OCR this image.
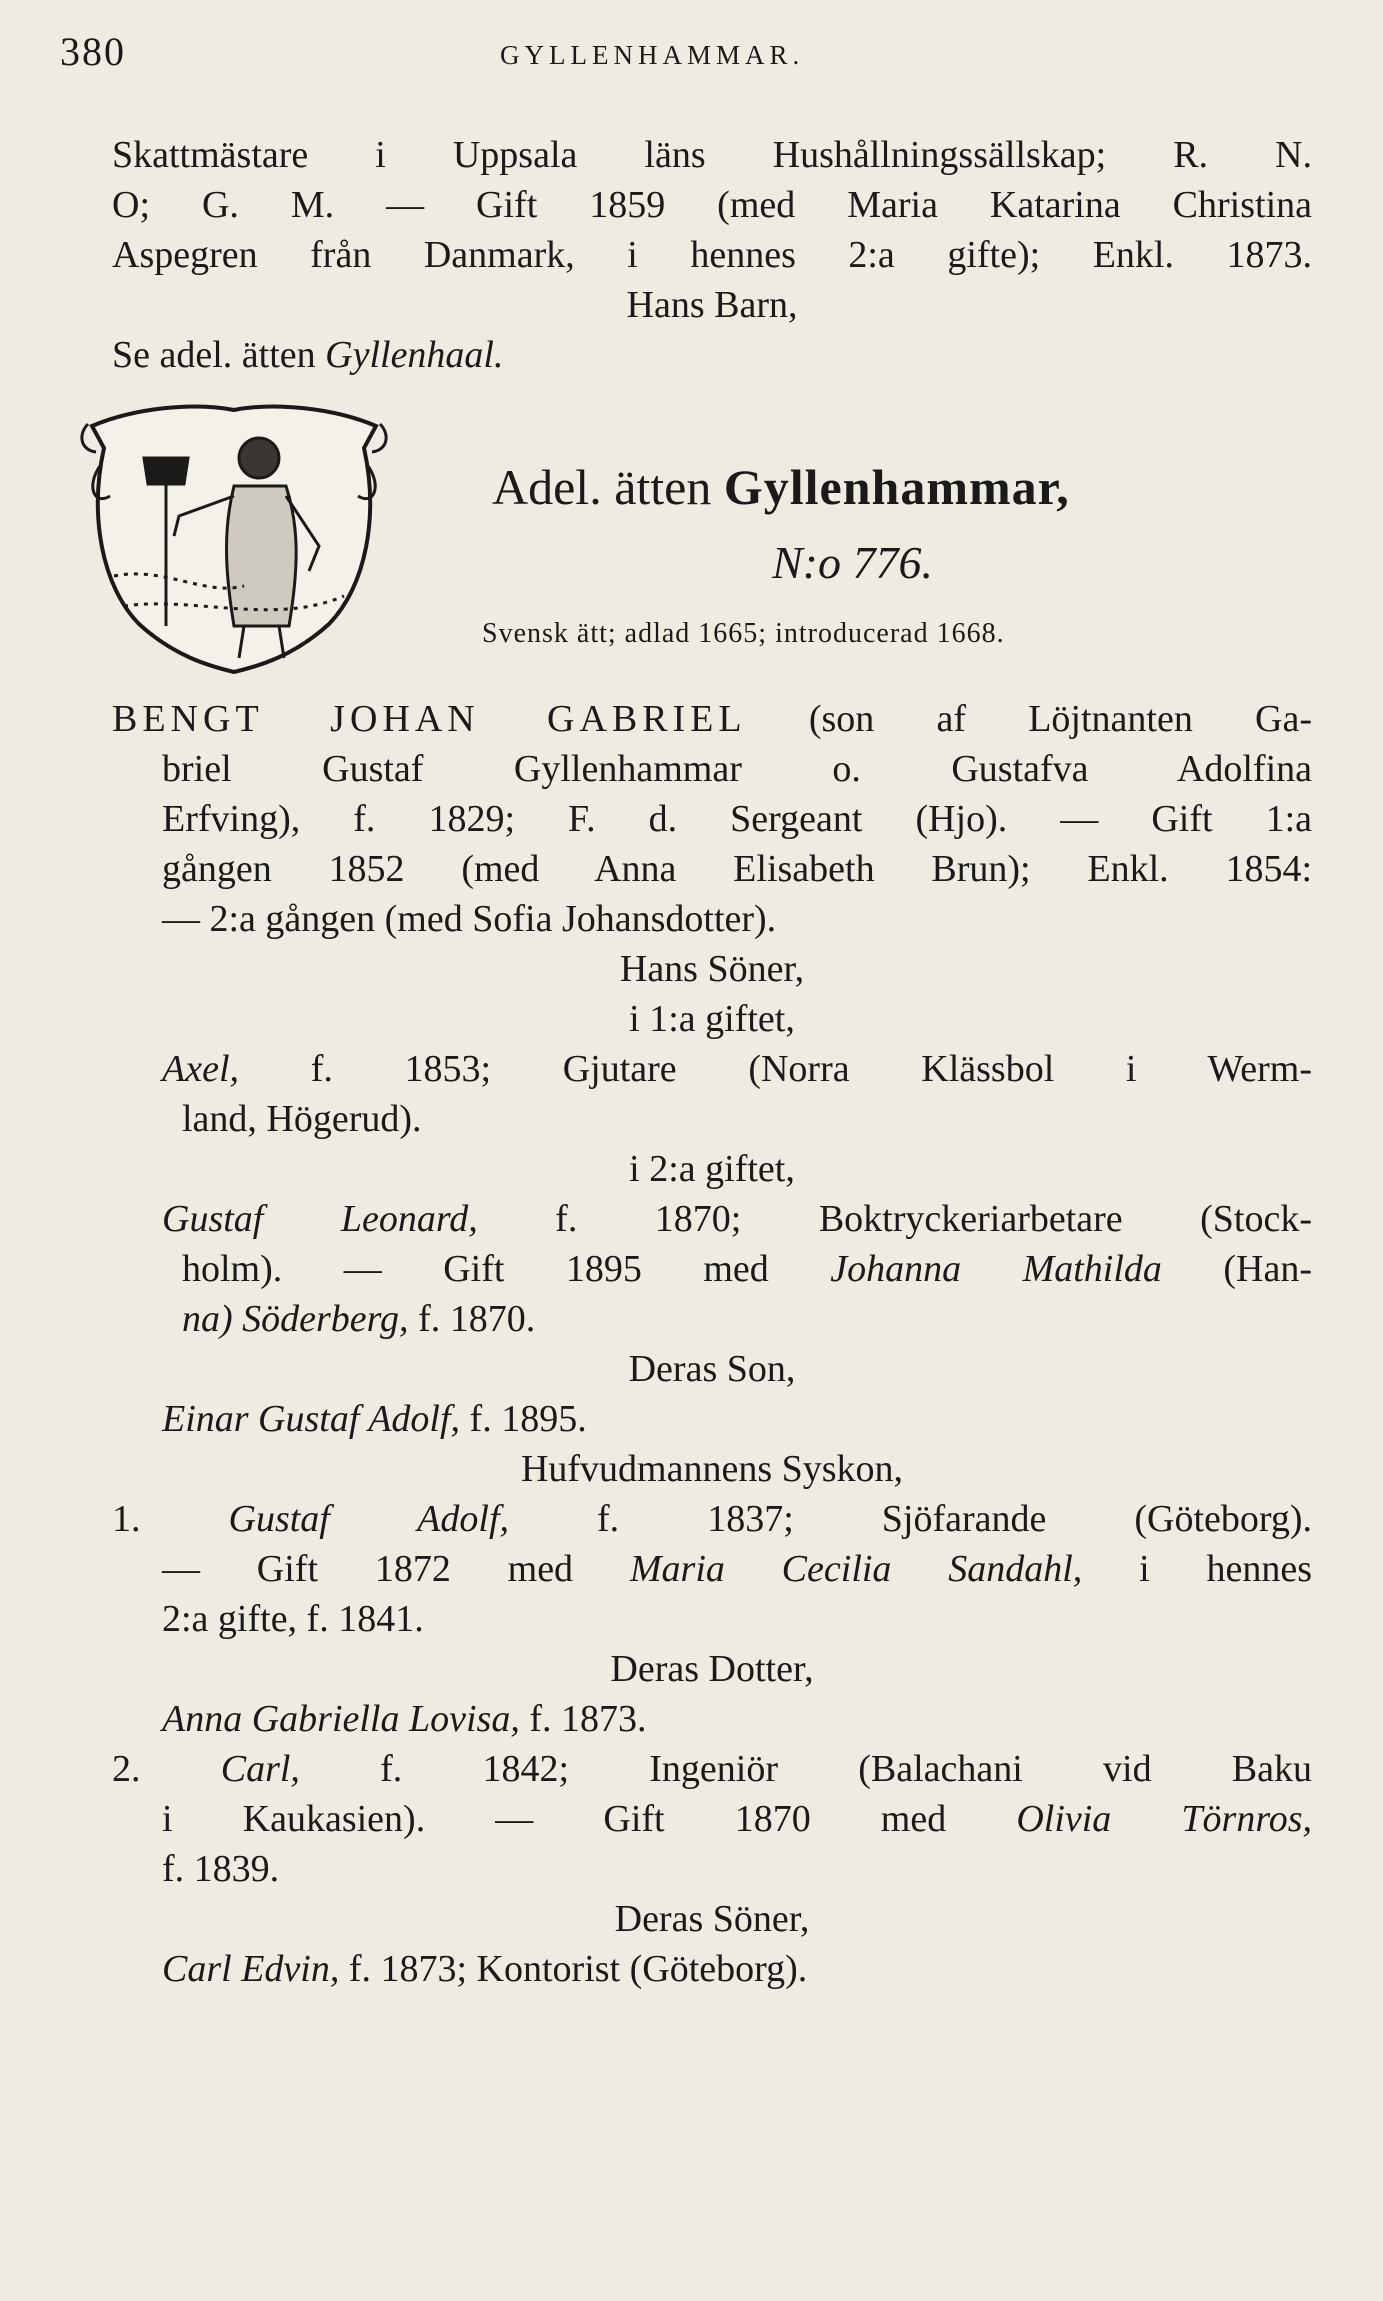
380	GYLLENHAMMAR.
Skattmästare i Uppsala läns Hushållningssällskap; R. N.
O; G. M. — Gift 1859 (med Maria Katarina Christina
Aspegren från Danmark, i hennes 2:a gifte); Enkl. 1873.
Hans Barn,
Se adel. ätten Gyllenhaal.
Adel. ätten Gyllenhammar,
N:o 776.
Svensk ätt; adlad 1665; introducerad 1668.
BENGT JOHAN GABRIEL (son af Löjtnanten Ga-
briel Gustaf Gyllenhammar o. Gustafva Adolfina
Erfving), f. 1829; F. d. Sergeant (Hjo). — Gift 1:a
gången 1852 (med Anna Elisabeth Brun); Enkl. 1854:
— 2:a gången (med Sofia Johansdotter).
Hans Söner,
i 1:a giftet,
Axel, f. 1853; Gjutare (Norra Klässbol i Werm-
land, Högerud).
i 2:a giftet,
Gustaf Leonard, f. 1870; Boktryckeriarbetare (Stock-
holm). — Gift 1895 med Johanna Mathilda (Han-
na) Söderberg, f. 1870.
Deras Son,
Einar Gustaf Adolf, f. 1895.
Hufvudmannens Syskon,
1. Gustaf Adolf, f. 1837; Sjöfarande (Göteborg).
— Gift 1872 med Maria Cecilia Sandahl, i hennes
2:a gifte, f. 1841.
Deras Dotter,
Anna Gabriella Lovisa, f. 1873.
2. Carl, f. 1842; Ingeniör (Balachani vid Baku
i Kaukasien). — Gift 1870 med Olivia Törnros,
f. 1839.
Deras Söner,
Carl Edvin, f. 1873; Kontorist (Göteborg).
